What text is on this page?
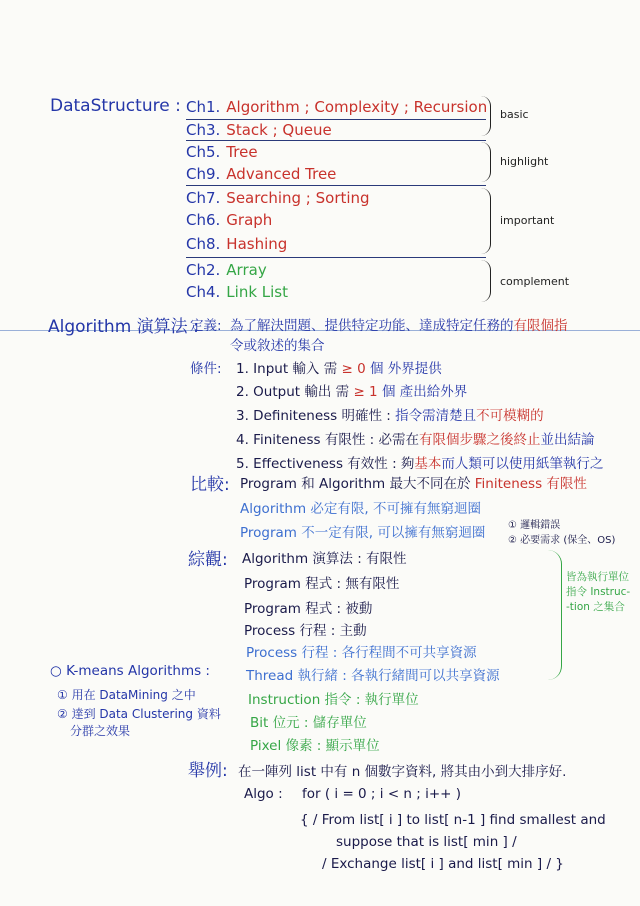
DataStructure : Ch1. Algorithm ; Complexity ; Recursion
Ch3. Stack ; Queue
Ch5. Tree
Ch9. Advanced Tree
Ch7. Searching ; Sorting
Ch6. Graph
Ch8. Hashing
Ch2. Array
Ch4. Link List
basic
highlight
important
complement
Algorithm 演算法 :
定義: 為了解決問題、提供特定功能、達成特定任務的有限個指
令或敘述的集合
條件: 1. Input 輸入 需 ≥ 0 個 外界提供
2. Output 輸出 需 ≥ 1 個 產出給外界
3. Definiteness 明確性 : 指令需清楚且不可模糊的
4. Finiteness 有限性 : 必需在有限個步驟之後終止並出結論
5. Effectiveness 有效性 : 夠基本而人類可以使用紙筆執行之
比較: Program 和 Algorithm 最大不同在於 Finiteness 有限性
Algorithm 必定有限, 不可擁有無窮迴圈
Program 不一定有限, 可以擁有無窮迴圈 ① 邏輯錯誤
② 必要需求 (保全、OS)
綜觀: Algorithm 演算法 : 有限性
Program 程式 : 無有限性
Program 程式 : 被動
Process 行程 : 主動
Process 行程 : 各行程間不可共享資源
Thread 執行緒 : 各執行緒間可以共享資源
Instruction 指令 : 執行單位
Bit 位元 : 儲存單位
Pixel 像素 : 顯示單位
皆為執行單位
指令 Instruc-
-tion 之集合
○ K-means Algorithms :
① 用在 DataMining 之中
② 達到 Data Clustering 資料
分群之效果
舉例: 在一陣列 list 中有 n 個數字資料, 將其由小到大排序好.
Algo : for ( i = 0 ; i < n ; i++ )
{ / From list[ i ] to list[ n-1 ] find smallest and
suppose that is list[ min ] /
/ Exchange list[ i ] and list[ min ] / }
